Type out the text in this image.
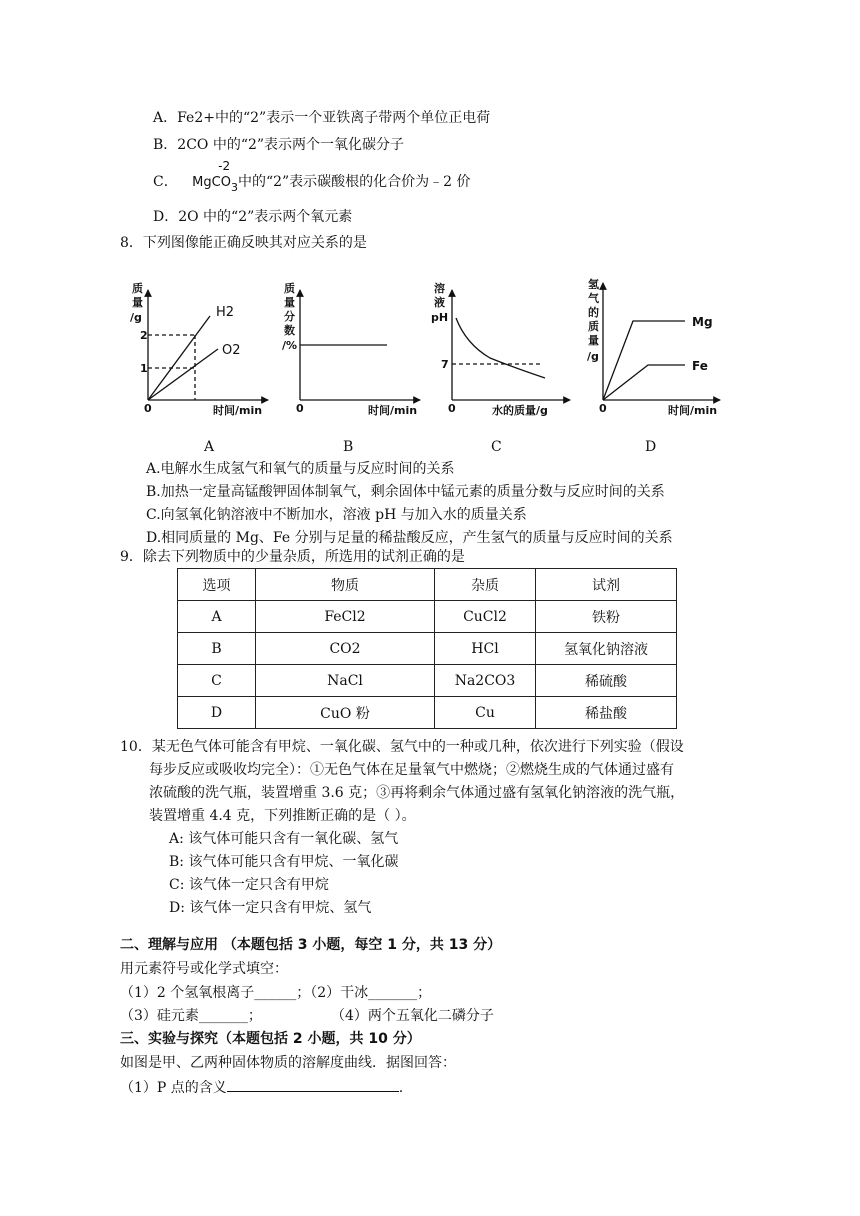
A．Fe2+中的“2”表示一个亚铁离子带两个单位正电荷
B．2CO 中的“2”表示两个一氧化碳分子
C．
-2
MgCO$_3$中的“2”表示碳酸根的化合价为﹣2 价
D．2O 中的“2”表示两个氧元素
8．下列图像能正确反映其对应关系的是
质
量
/g	H2
O2
2
1
0	时间/min
质
量
分
数
/%
0	时间/min
溶
液
pH
7
0	水的质量/g
氢
气
的
质
量
/g
Mg
Fe
0	时间/min
A	B	C	D
A.电解水生成氢气和氧气的质量与反应时间的关系
B.加热一定量高锰酸钾固体制氧气，剩余固体中锰元素的质量分数与反应时间的关系
C.向氢氧化钠溶液中不断加水，溶液 pH 与加入水的质量关系
D.相同质量的 Mg、Fe 分别与足量的稀盐酸反应，产生氢气的质量与反应时间的关系
9．除去下列物质中的少量杂质，所选用的试剂正确的是
选项	物质	杂质	试剂
A	FeCl2	CuCl2	铁粉
B	CO2	HCl	氢氧化钠溶液
C	NaCl	Na2CO3	稀硫酸
D	CuO 粉	Cu	稀盐酸
10．某无色气体可能含有甲烷、一氧化碳、氢气中的一种或几种，依次进行下列实验（假设
每步反应或吸收均完全）：①无色气体在足量氧气中燃烧；②燃烧生成的气体通过盛有
浓硫酸的洗气瓶，装置增重 3.6 克；③再将剩余气体通过盛有氢氧化钠溶液的洗气瓶，
装置增重 4.4 克，下列推断正确的是（ ）。
A: 该气体可能只含有一氧化碳、氢气
B: 该气体可能只含有甲烷、一氧化碳
C: 该气体一定只含有甲烷
D: 该气体一定只含有甲烷、氢气
二、理解与应用 （本题包括 3 小题，每空 1 分，共 13 分）
用元素符号或化学式填空：
（1）2 个氢氧根离子______；（2）干冰_______；
（3）硅元素_______；	（4）两个五氧化二磷分子
三、实验与探究（本题包括 2 小题，共 10 分）
如图是甲、乙两种固体物质的溶解度曲线．据图回答：
（1）P 点的含义	.
